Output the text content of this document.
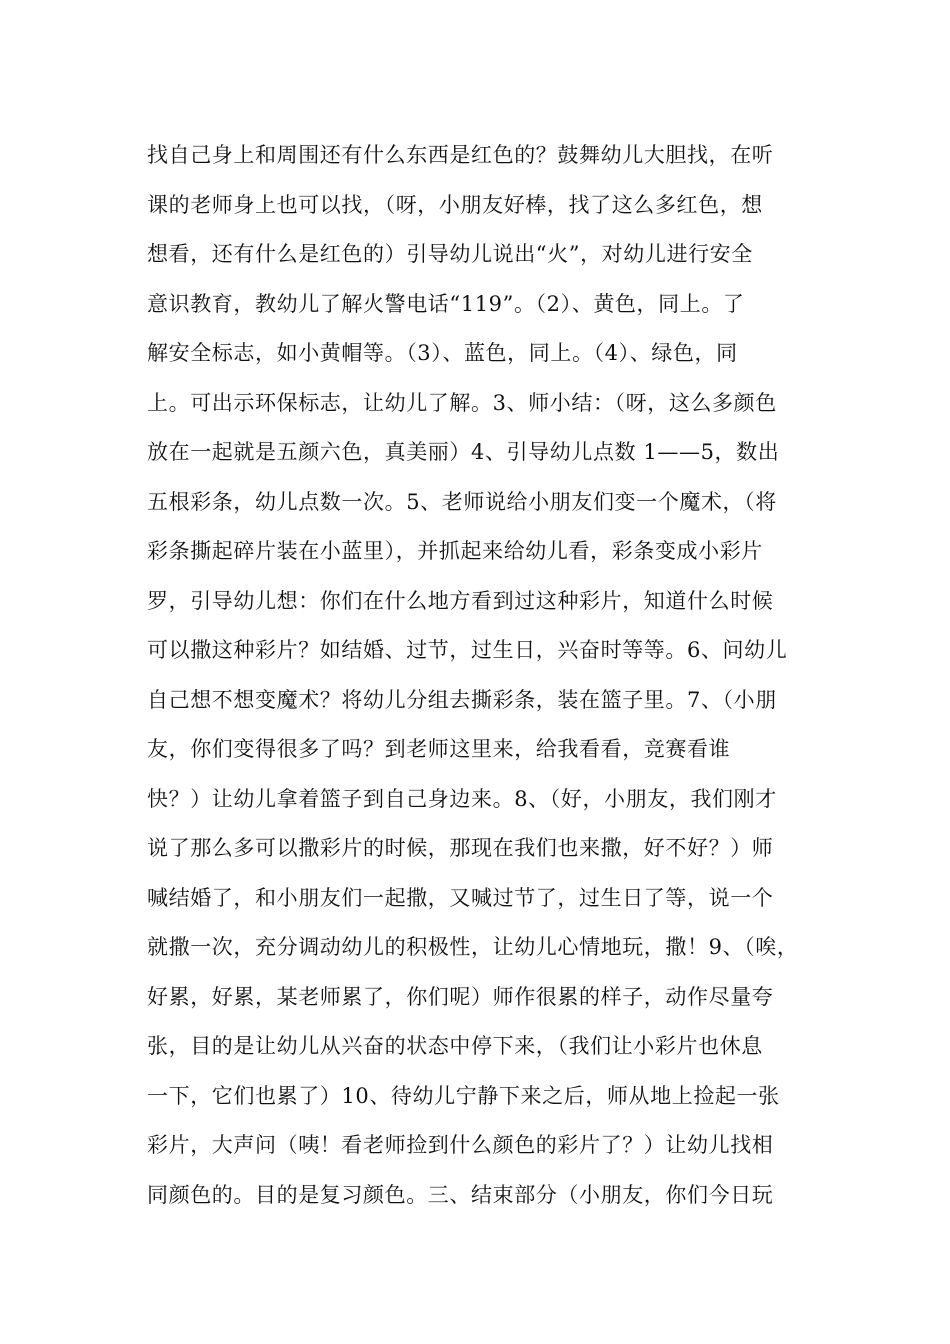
找自己身上和周围还有什么东西是红色的？鼓舞幼儿大胆找，在听
课的老师身上也可以找，（呀，小朋友好棒，找了这么多红色，想
想看，还有什么是红色的）引导幼儿说出“火”，对幼儿进行安全
意识教育，教幼儿了解火警电话“119”。（2）、黄色，同上。了
解安全标志，如小黄帽等。（3）、蓝色，同上。（4）、绿色，同
上。可出示环保标志，让幼儿了解。3、师小结：（呀，这么多颜色
放在一起就是五颜六色，真美丽）4、引导幼儿点数 1——5，数出
五根彩条，幼儿点数一次。5、老师说给小朋友们变一个魔术，（将
彩条撕起碎片装在小蓝里），并抓起来给幼儿看，彩条变成小彩片
罗，引导幼儿想：你们在什么地方看到过这种彩片，知道什么时候
可以撒这种彩片？如结婚、过节，过生日，兴奋时等等。6、问幼儿
自己想不想变魔术？将幼儿分组去撕彩条，装在篮子里。7、（小朋
友，你们变得很多了吗？到老师这里来，给我看看，竞赛看谁
快？）让幼儿拿着篮子到自己身边来。8、（好，小朋友，我们刚才
说了那么多可以撒彩片的时候，那现在我们也来撒，好不好？）师
喊结婚了，和小朋友们一起撒，又喊过节了，过生日了等，说一个
就撒一次，充分调动幼儿的积极性，让幼儿心情地玩，撒！9、（唉，
好累，好累，某老师累了，你们呢）师作很累的样子，动作尽量夸
张，目的是让幼儿从兴奋的状态中停下来，（我们让小彩片也休息
一下，它们也累了）10、待幼儿宁静下来之后，师从地上捡起一张
彩片，大声问（咦！看老师捡到什么颜色的彩片了？）让幼儿找相
同颜色的。目的是复习颜色。三、结束部分（小朋友，你们今日玩
